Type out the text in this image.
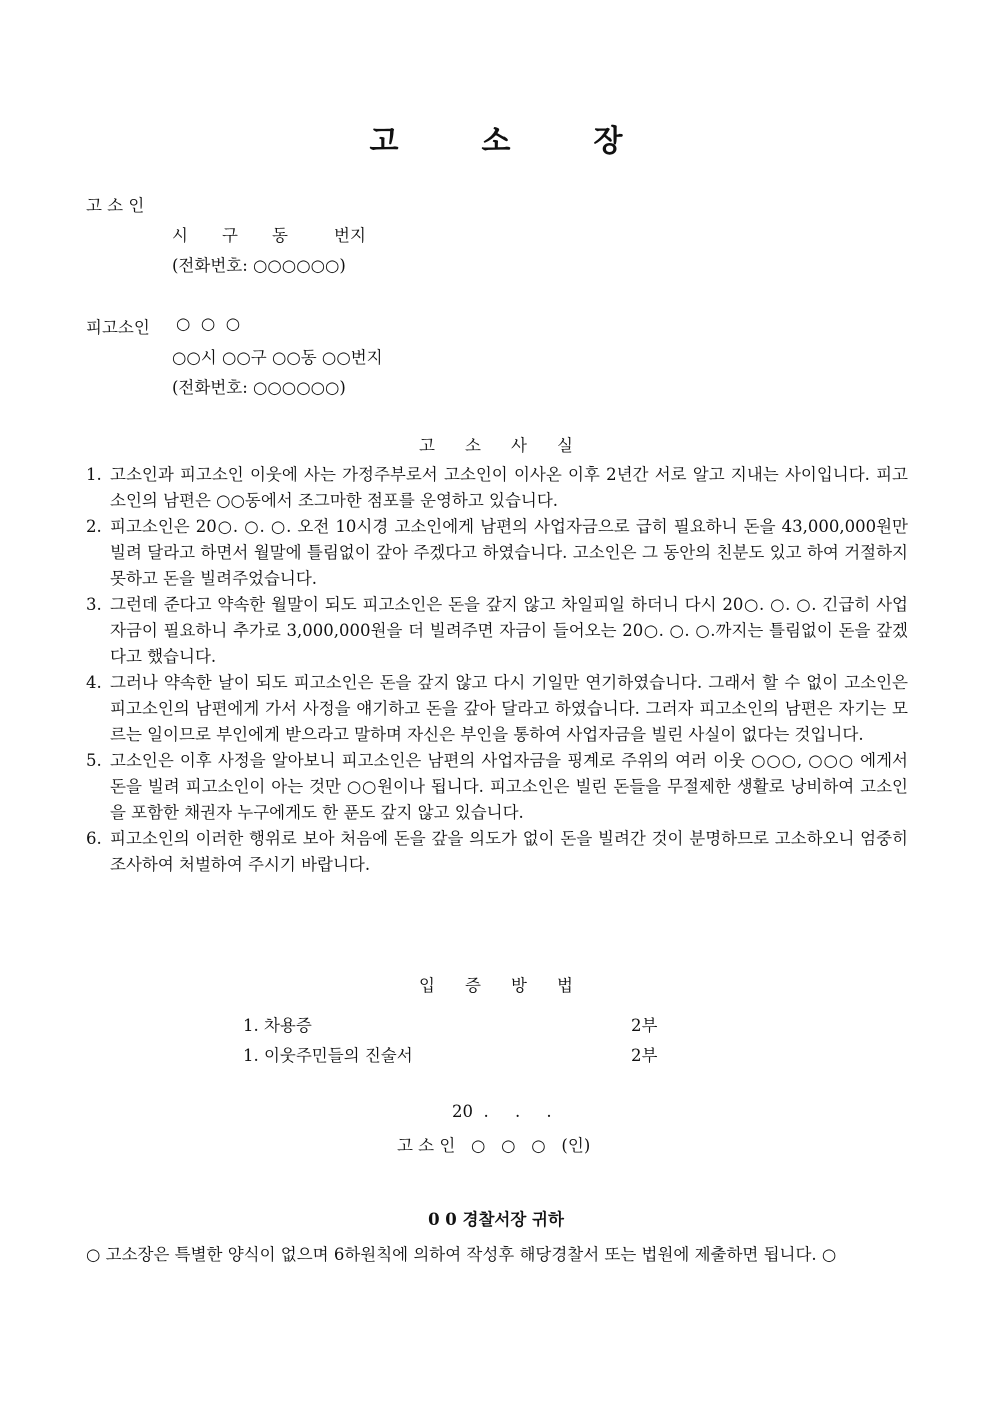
고	소	장
고 소 인
시 구 동	번지
(전화번호: ○○○○○○)
피고소인 ○  ○  ○
○○시 ○○구 ○○동 ○○번지
(전화번호: ○○○○○○)
고 소 사 실
1. 고소인과 피고소인 이웃에 사는 가정주부로서 고소인이 이사온 이후 2년간 서로 알고 지내는 사이입니다. 피고소인의 남편은 ○○동에서 조그마한 점포를 운영하고 있습니다.
2. 피고소인은 20○. ○. ○. 오전 10시경 고소인에게 남편의 사업자금으로 급히 필요하니 돈을 43,000,000원만 빌려 달라고 하면서 월말에 틀림없이 갚아 주겠다고 하였습니다. 고소인은 그 동안의 친분도 있고 하여 거절하지 못하고 돈을 빌려주었습니다.
3. 그런데 준다고 약속한 월말이 되도 피고소인은 돈을 갚지 않고 차일피일 하더니 다시 20○. ○. ○. 긴급히 사업자금이 필요하니 추가로 3,000,000원을 더 빌려주면 자금이 들어오는 20○. ○. ○.까지는 틀림없이 돈을 갚겠다고 했습니다.
4. 그러나 약속한 날이 되도 피고소인은 돈을 갚지 않고 다시 기일만 연기하였습니다. 그래서 할 수 없이 고소인은 피고소인의 남편에게 가서 사정을 얘기하고 돈을 갚아 달라고 하였습니다. 그러자 피고소인의 남편은 자기는 모르는 일이므로 부인에게 받으라고 말하며 자신은 부인을 통하여 사업자금을 빌린 사실이 없다는 것입니다.
5. 고소인은 이후 사정을 알아보니 피고소인은 남편의 사업자금을 핑계로 주위의 여러 이웃 ○○○, ○○○ 에게서 돈을 빌려 피고소인이 아는 것만 ○○원이나 됩니다. 피고소인은 빌린 돈들을 무절제한 생활로 낭비하여 고소인을 포함한 채권자 누구에게도 한 푼도 갚지 않고 있습니다.
6. 피고소인의 이러한 행위로 보아 처음에 돈을 갚을 의도가 없이 돈을 빌려간 것이 분명하므로 고소하오니 엄중히 조사하여 처벌하여 주시기 바랍니다.
입 증 방 법
1. 차용증	2부
1. 이웃주민들의 진술서	2부
20  .     .     .
고 소 인   ○   ○   ○   (인)
0 0 경찰서장 귀하
○ 고소장은 특별한 양식이 없으며 6하원칙에 의하여 작성후 해당경찰서 또는 법원에 제출하면 됩니다. ○
